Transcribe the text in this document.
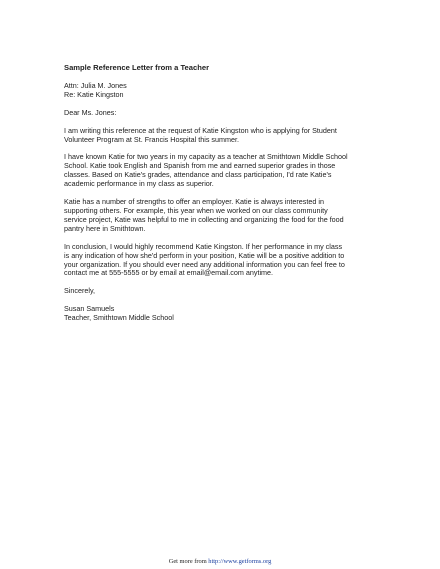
Sample Reference Letter from a Teacher
Attn: Julia M. Jones
Re: Katie Kingston
Dear Ms. Jones:
I am writing this reference at the request of Katie Kingston who is applying for Student
Volunteer Program at St. Francis Hospital this summer.
I have known Katie for two years in my capacity as a teacher at Smithtown Middle School
School. Katie took English and Spanish from me and earned superior grades in those
classes. Based on Katie's grades, attendance and class participation, I'd rate Katie's
academic performance in my class as superior.
Katie has a number of strengths to offer an employer. Katie is always interested in
supporting others. For example, this year when we worked on our class community
service project, Katie was helpful to me in collecting and organizing the food for the food
pantry here in Smithtown.
In conclusion, I would highly recommend Katie Kingston. If her performance in my class
is any indication of how she'd perform in your position, Katie will be a positive addition to
your organization. If you should ever need any additional information you can feel free to
contact me at 555-5555 or by email at email@email.com anytime.
Sincerely,
Susan Samuels
Teacher, Smithtown Middle School
Get more from http://www.getforms.org
